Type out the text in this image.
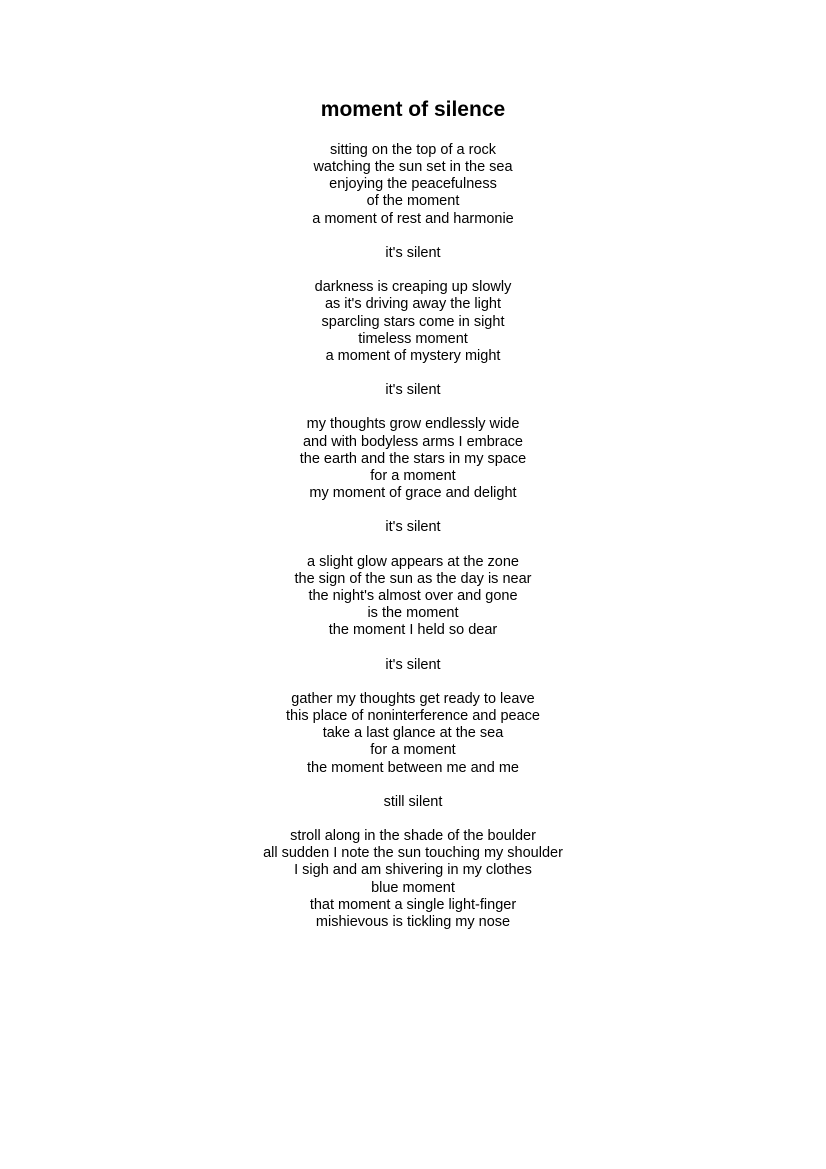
moment of silence
sitting on the top of a rock
watching the sun set in the sea
enjoying the peacefulness
of the moment
a moment of rest and harmonie
it's silent
darkness is creaping up slowly
as it's driving away the light
sparcling stars come in sight
timeless moment
a moment of mystery might
it's silent
my thoughts grow endlessly wide
and with bodyless arms I embrace
the earth and the stars in my space
for a moment
my moment of grace and delight
it's silent
a slight glow appears at the zone
the sign of the sun as the day is near
the night's almost over and gone
is the moment
the moment I held so dear
it's silent
gather my thoughts get ready to leave
this place of noninterference and peace
take a last glance at the sea
for a moment
the moment between me and me
still silent
stroll along in the shade of the boulder
all sudden I note the sun touching my shoulder
I sigh and am shivering in my clothes
blue moment
that moment a single light-finger
mishievous is tickling my nose
